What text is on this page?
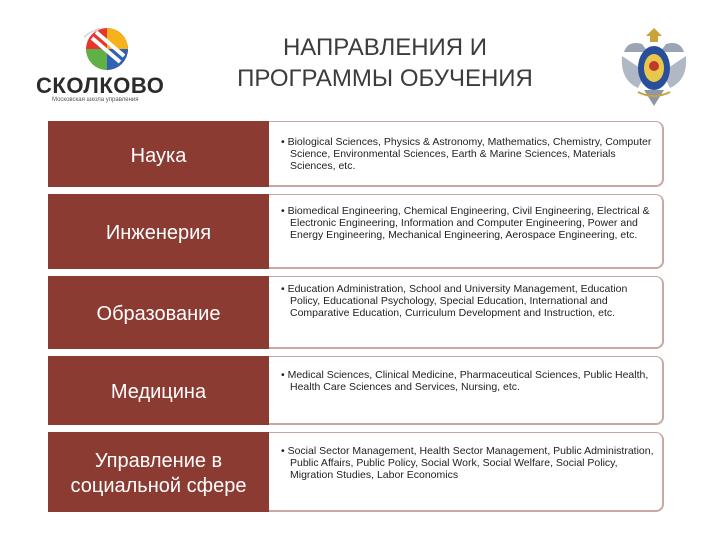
СКОЛКОВО
Московская школа управления
НАПРАВЛЕНИЯ И
ПРОГРАММЫ ОБУЧЕНИЯ
Наука
• Biological Sciences, Physics & Astronomy, Mathematics, Chemistry, Computer Science, Environmental Sciences, Earth & Marine Sciences, Materials Sciences, etc.
Инженерия
• Biomedical Engineering, Chemical Engineering, Civil Engineering, Electrical & Electronic Engineering, Information and Computer Engineering, Power and Energy Engineering, Mechanical Engineering, Aerospace Engineering, etc.
Образование
• Education Administration, School and University Management, Education Policy, Educational Psychology, Special Education, International and Comparative Education, Curriculum Development and Instruction, etc.
Медицина
• Medical Sciences, Clinical Medicine, Pharmaceutical Sciences, Public Health, Health Care Sciences and Services, Nursing, etc.
Управление в социальной сфере
• Social Sector Management, Health Sector Management, Public Administration, Public Affairs, Public Policy, Social Work, Social Welfare, Social Policy, Migration Studies, Labor Economics
